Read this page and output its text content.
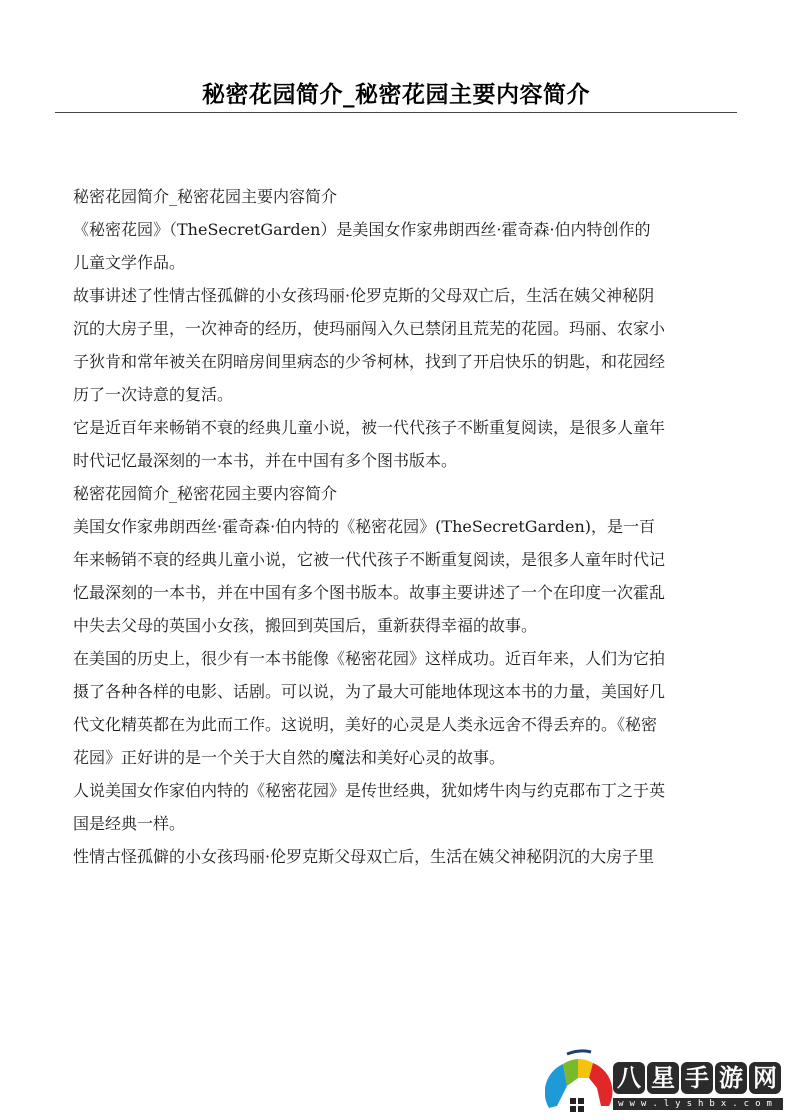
秘密花园简介_秘密花园主要内容简介

秘密花园简介_秘密花园主要内容简介

《秘密花园》（TheSecretGarden）是美国女作家弗朗西丝·霍奇森·伯内特创作的
儿童文学作品。

故事讲述了性情古怪孤僻的小女孩玛丽·伦罗克斯的父母双亡后，生活在姨父神秘阴
沉的大房子里，一次神奇的经历，使玛丽闯入久已禁闭且荒芜的花园。玛丽、农家小
子狄肯和常年被关在阴暗房间里病态的少爷柯林，找到了开启快乐的钥匙，和花园经
历了一次诗意的复活。

它是近百年来畅销不衰的经典儿童小说，被一代代孩子不断重复阅读，是很多人童年
时代记忆最深刻的一本书，并在中国有多个图书版本。

秘密花园简介_秘密花园主要内容简介

美国女作家弗朗西丝·霍奇森·伯内特的《秘密花园》(TheSecretGarden)，是一百
年来畅销不衰的经典儿童小说，它被一代代孩子不断重复阅读，是很多人童年时代记
忆最深刻的一本书，并在中国有多个图书版本。故事主要讲述了一个在印度一次霍乱
中失去父母的英国小女孩，搬回到英国后，重新获得幸福的故事。

在美国的历史上，很少有一本书能像《秘密花园》这样成功。近百年来，人们为它拍
摄了各种各样的电影、话剧。可以说，为了最大可能地体现这本书的力量，美国好几
代文化精英都在为此而工作。这说明，美好的心灵是人类永远舍不得丢弃的。《秘密
花园》正好讲的是一个关于大自然的魔法和美好心灵的故事。

人说美国女作家伯内特的《秘密花园》是传世经典，犹如烤牛肉与约克郡布丁之于英
国是经典一样。

性情古怪孤僻的小女孩玛丽·伦罗克斯父母双亡后，生活在姨父神秘阴沉的大房子里

八 星 手 游 网
www.lyshbx.com
